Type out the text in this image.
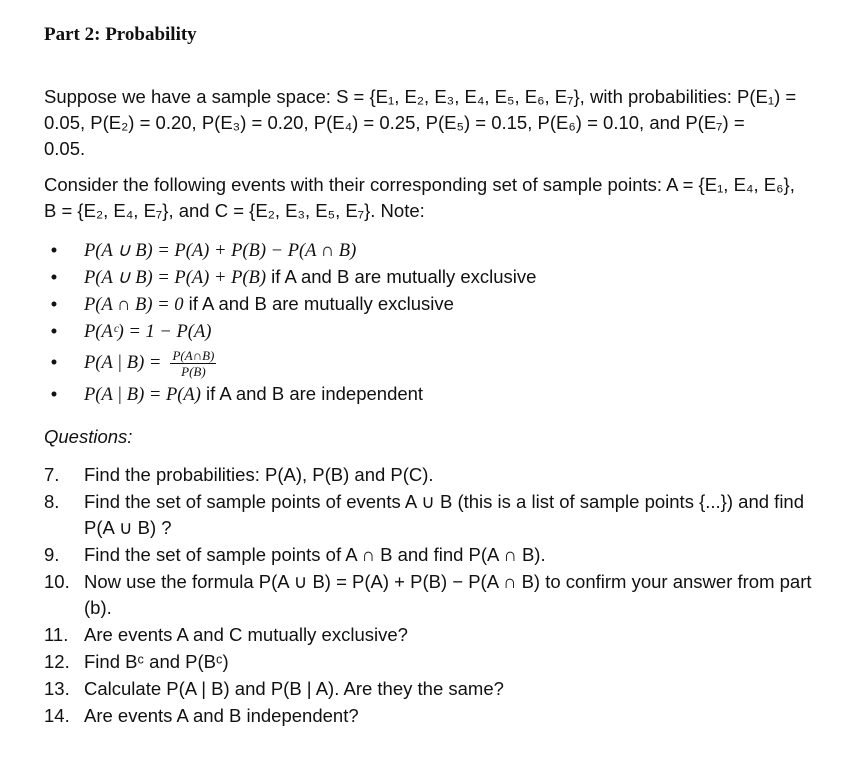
Part 2: Probability
Suppose we have a sample space: S = {E₁, E₂, E₃, E₄, E₅, E₆, E₇}, with probabilities: P(E₁) =
0.05, P(E₂) = 0.20, P(E₃) = 0.20, P(E₄) = 0.25, P(E₅) = 0.15, P(E₆) = 0.10, and P(E₇) =
0.05.
Consider the following events with their corresponding set of sample points: A = {E₁, E₄, E₆},
B = {E₂, E₄, E₇}, and C = {E₂, E₃, E₅, E₇}. Note:
•	P(A ∪ B) = P(A) + P(B) − P(A ∩ B)
•	P(A ∪ B) = P(A) + P(B) if A and B are mutually exclusive
•	P(A ∩ B) = 0 if A and B are mutually exclusive
•	P(Aᶜ) = 1 − P(A)
•	P(A | $B) = \frac{P(A\cap B)}{P(B)}$
•	P(A | B) = P(A) if A and B are independent
Questions:
7. Find the probabilities: P(A), P(B) and P(C).
8. Find the set of sample points of events A ∪ B (this is a list of sample points {...}) and find P(A ∪ B) ?
9. Find the set of sample points of A ∩ B and find P(A ∩ B).
10. Now use the formula P(A ∪ B) = P(A) + P(B) − P(A ∩ B) to confirm your answer from part (b).
11. Are events A and C mutually exclusive?
12. Find Bᶜ and P(Bᶜ)
13. Calculate P(A | B) and P(B | A). Are they the same?
14. Are events A and B independent?
